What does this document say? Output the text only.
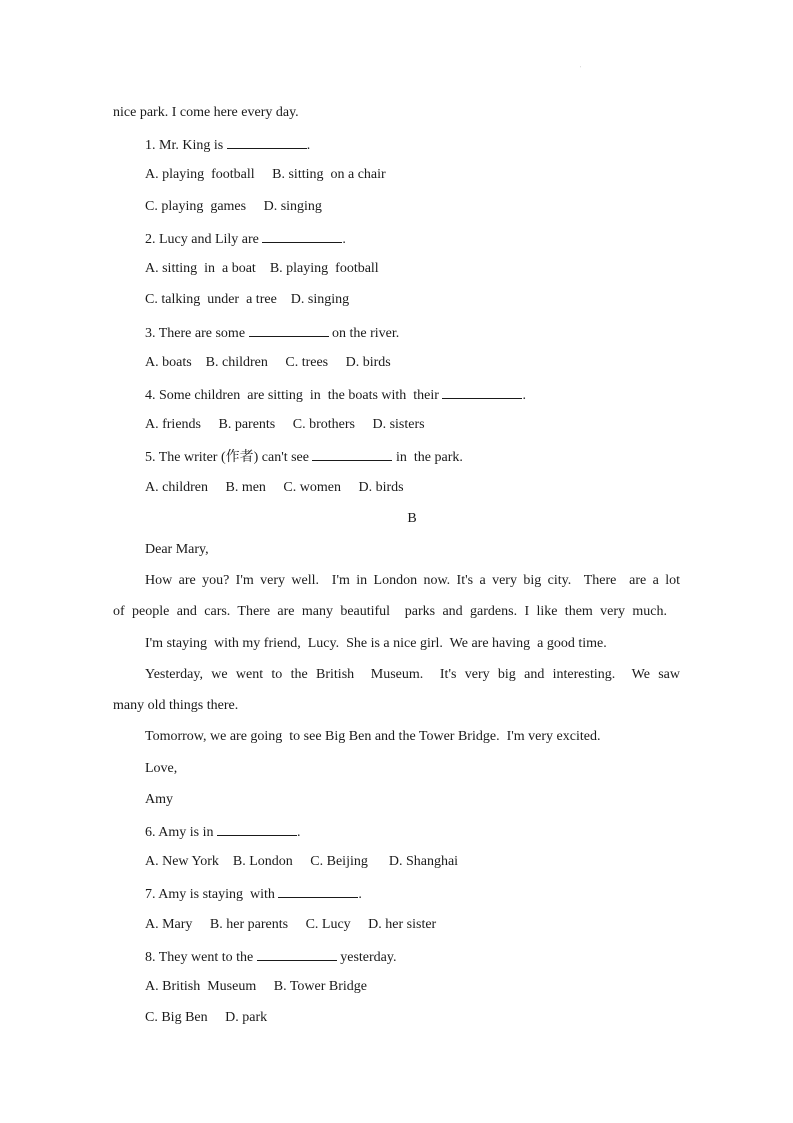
'
nice park. I come here every day.
1. Mr. King is	.
A. playing  football     B. sitting  on a chair
C. playing  games     D. singing
2. Lucy and Lily are	.
A. sitting  in  a boat    B. playing  football
C. talking  under  a tree    D. singing
3. There are some	on the river.
A. boats    B. children     C. trees     D. birds
4. Some children  are sitting  in  the boats with  their	.
A. friends     B. parents     C. brothers     D. sisters
5. The writer (作者) can't see	in  the park.
A. children     B. men     C. women     D. birds
B
Dear Mary,
How are you? I'm very well.  I'm in London now. It's a very big city.  There  are a lot
of people and cars. There are many beautiful  parks and gardens. I like them very much.
I'm staying  with my friend,  Lucy.  She is a nice girl.  We are having  a good time.
Yesterday, we went to the British  Museum.  It's very big and interesting.  We saw
many old things there.
Tomorrow, we are going  to see Big Ben and the Tower Bridge.  I'm very excited.
Love,
Amy
6. Amy is in	.
A. New York    B. London     C. Beijing      D. Shanghai
7. Amy is staying  with	.
A. Mary     B. her parents     C. Lucy     D. her sister
8. They went to the	yesterday.
A. British  Museum     B. Tower Bridge
C. Big Ben     D. park
